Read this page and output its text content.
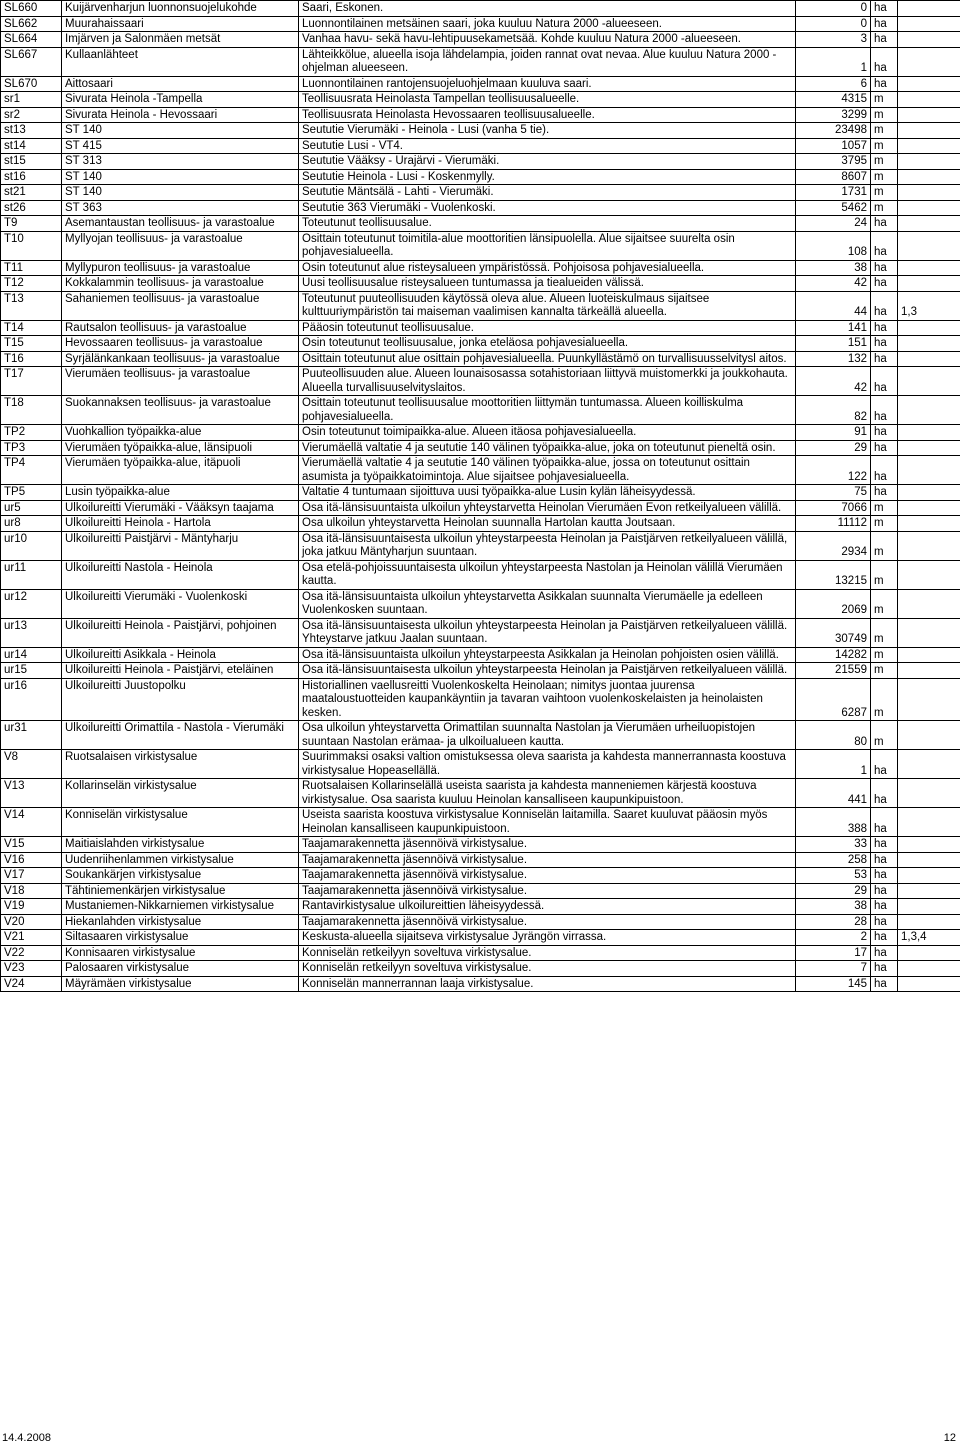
SL660	Kuijärvenharjun luonnonsuojelukohde	Saari, Eskonen.	0	ha	
SL662	Muurahaissaari	Luonnontilainen metsäinen saari, joka kuuluu Natura 2000 -alueeseen.	0	ha	
SL664	Imjärven ja Salonmäen metsät	Vanhaa havu- sekä havu-lehtipuusekametsää. Kohde kuuluu Natura 2000 -alueeseen.	3	ha	
SL667	Kullaanlähteet	Lähteikkölue, alueella isoja lähdelampia, joiden rannat ovat nevaa. Alue kuuluu Natura 2000 - ohjelman alueeseen.	1	ha	
SL670	Aittosaari	Luonnontilainen rantojensuojeluohjelmaan kuuluva saari.	6	ha	
sr1	Sivurata Heinola -Tampella	Teollisuusrata Heinolasta Tampellan teollisuusalueelle.	4315	m	
sr2	Sivurata Heinola - Hevossaari	Teollisuusrata Heinolasta Hevossaaren teollisuusalueelle.	3299	m	
st13	ST 140	Seututie Vierumäki - Heinola - Lusi (vanha 5 tie).	23498	m	
st14	ST 415	Seututie Lusi - VT4.	1057	m	
st15	ST 313	Seututie Vääksy - Urajärvi - Vierumäki.	3795	m	
st16	ST 140	Seututie Heinola - Lusi - Koskenmylly.	8607	m	
st21	ST 140	Seututie Mäntsälä - Lahti - Vierumäki.	1731	m	
st26	ST 363	Seututie 363 Vierumäki - Vuolenkoski.	5462	m	
T9	Asemantaustan teollisuus- ja varastoalue	Toteutunut teollisuusalue.	24	ha	
T10	Myllyojan teollisuus- ja varastoalue	Osittain toteutunut toimitila-alue moottoritien länsipuolella. Alue sijaitsee suurelta osin pohjavesialueella.	108	ha	
T11	Myllypuron teollisuus- ja varastoalue	Osin toteutunut alue risteysalueen ympäristössä. Pohjoisosa pohjavesialueella.	38	ha	
T12	Kokkalammin teollisuus- ja varastoalue	Uusi teollisuusalue risteysalueen tuntumassa ja tiealueiden välissä.	42	ha	
T13	Sahaniemen teollisuus- ja varastoalue	Toteutunut puuteollisuuden käytössä oleva alue. Alueen luoteiskulmaus sijaitsee kulttuuriympäristön tai maiseman vaalimisen kannalta tärkeällä alueella.	44	ha	1,3
T14	Rautsalon teollisuus- ja varastoalue	Pääosin toteutunut teollisuusalue.	141	ha	
T15	Hevossaaren teollisuus- ja varastoalue	Osin toteutunut teollisuusalue, jonka eteläosa pohjavesialueella.	151	ha	
T16	Syrjälänkankaan teollisuus- ja varastoalue	Osittain toteutunut alue osittain pohjavesialueella. Puunkyllästämö on turvallisuusselvitysl aitos.	132	ha	
T17	Vierumäen teollisuus- ja varastoalue	Puuteollisuuden alue. Alueen lounaisosassa sotahistoriaan liittyvä muistomerkki ja joukkohauta. Alueella turvallisuuselvityslaitos.	42	ha	
T18	Suokannaksen teollisuus- ja varastoalue	Osittain toteutunut teollisuusalue moottoritien liittymän tuntumassa. Alueen koilliskulma pohjavesialueella.	82	ha	
TP2	Vuohkallion työpaikka-alue	Osin toteutunut toimipaikka-alue. Alueen itäosa pohjavesialueella.	91	ha	
TP3	Vierumäen työpaikka-alue, länsipuoli	Vierumäellä valtatie 4 ja seututie 140 välinen työpaikka-alue, joka on toteutunut pieneltä osin.	29	ha	
TP4	Vierumäen työpaikka-alue, itäpuoli	Vierumäellä valtatie 4 ja seututie 140 välinen työpaikka-alue, jossa on toteutunut osittain asumista ja työpaikkatoimintoja. Alue sijaitsee pohjavesialueella.	122	ha	
TP5	Lusin työpaikka-alue	Valtatie 4 tuntumaan sijoittuva uusi työpaikka-alue Lusin kylän läheisyydessä.	75	ha	
ur5	Ulkoilureitti Vierumäki - Vääksyn taajama	Osa itä-länsisuuntaista ulkoilun yhteystarvetta Heinolan Vierumäen Evon retkeilyalueen välillä.	7066	m	
ur8	Ulkoilureitti Heinola - Hartola	Osa ulkoilun yhteystarvetta Heinolan suunnalla Hartolan kautta Joutsaan.	11112	m	
ur10	Ulkoilureitti Paistjärvi - Mäntyharju	Osa itä-länsisuuntaisesta ulkoilun yhteystarpeesta Heinolan ja Paistjärven retkeilyalueen välillä, joka jatkuu Mäntyharjun suuntaan.	2934	m	
ur11	Ulkoilureitti Nastola - Heinola	Osa etelä-pohjoissuuntaisesta ulkoilun yhteystarpeesta Nastolan ja Heinolan välillä Vierumäen kautta.	13215	m	
ur12	Ulkoilureitti Vierumäki - Vuolenkoski	Osa itä-länsisuuntaista ulkoilun yhteystarvetta Asikkalan suunnalta Vierumäelle ja edelleen Vuolenkosken suuntaan.	2069	m	
ur13	Ulkoilureitti Heinola - Paistjärvi, pohjoinen	Osa itä-länsisuuntaisesta ulkoilun yhteystarpeesta Heinolan ja Paistjärven retkeilyalueen välillä. Yhteystarve jatkuu Jaalan suuntaan.	30749	m	
ur14	Ulkoilureitti Asikkala - Heinola	Osa itä-länsisuuntaista ulkoilun yhteystarpeesta Asikkalan ja Heinolan pohjoisten osien välillä.	14282	m	
ur15	Ulkoilureitti Heinola - Paistjärvi, eteläinen	Osa itä-länsisuuntaisesta ulkoilun yhteystarpeesta Heinolan ja Paistjärven retkeilyalueen välillä.	21559	m	
ur16	Ulkoilureitti Juustopolku	Historiallinen vaellusreitti Vuolenkoskelta Heinolaan; nimitys juontaa juurensa maataloustuotteiden kaupankäyntiin ja tavaran vaihtoon vuolenkoskelaisten ja heinolaisten kesken.	6287	m	
ur31	Ulkoilureitti Orimattila - Nastola - Vierumäki	Osa ulkoilun yhteystarvetta Orimattilan suunnalta Nastolan ja Vierumäen urheiluopistojen suuntaan Nastolan erämaa- ja ulkoilualueen kautta.	80	m	
V8	Ruotsalaisen virkistysalue	Suurimmaksi osaksi valtion omistuksessa oleva saarista ja kahdesta mannerrannasta koostuva virkistysalue Hopeasellällä.	1	ha	
V13	Kollarinselän virkistysalue	Ruotsalaisen Kollarinselällä useista saarista ja kahdesta manneniemen kärjestä koostuva virkistysalue. Osa saarista kuuluu Heinolan kansalliseen kaupunkipuistoon.	441	ha	
V14	Konniselän virkistysalue	Useista saarista koostuva virkistysalue Konniselän laitamilla. Saaret kuuluvat pääosin myös Heinolan kansalliseen kaupunkipuistoon.	388	ha	
V15	Maitiaislahden virkistysalue	Taajamarakennetta jäsennöivä virkistysalue.	33	ha	
V16	Uudenriihenlammen virkistysalue	Taajamarakennetta jäsennöivä virkistysalue.	258	ha	
V17	Soukankärjen virkistysalue	Taajamarakennetta jäsennöivä virkistysalue.	53	ha	
V18	Tähtiniemenkärjen virkistysalue	Taajamarakennetta jäsennöivä virkistysalue.	29	ha	
V19	Mustaniemen-Nikkarniemen virkistysalue	Rantavirkistysalue ulkoilureittien läheisyydessä.	38	ha	
V20	Hiekanlahden virkistysalue	Taajamarakennetta jäsennöivä virkistysalue.	28	ha	
V21	Siltasaaren virkistysalue	Keskusta-alueella sijaitseva virkistysalue Jyrängön virrassa.	2	ha	1,3,4
V22	Konnisaaren virkistysalue	Konniselän retkeilyyn soveltuva virkistysalue.	17	ha	
V23	Palosaaren virkistysalue	Konniselän retkeilyyn soveltuva virkistysalue.	7	ha	
V24	Mäyrämäen virkistysalue	Konniselän mannerrannan laaja virkistysalue.	145	ha	
14.4.2008	12
